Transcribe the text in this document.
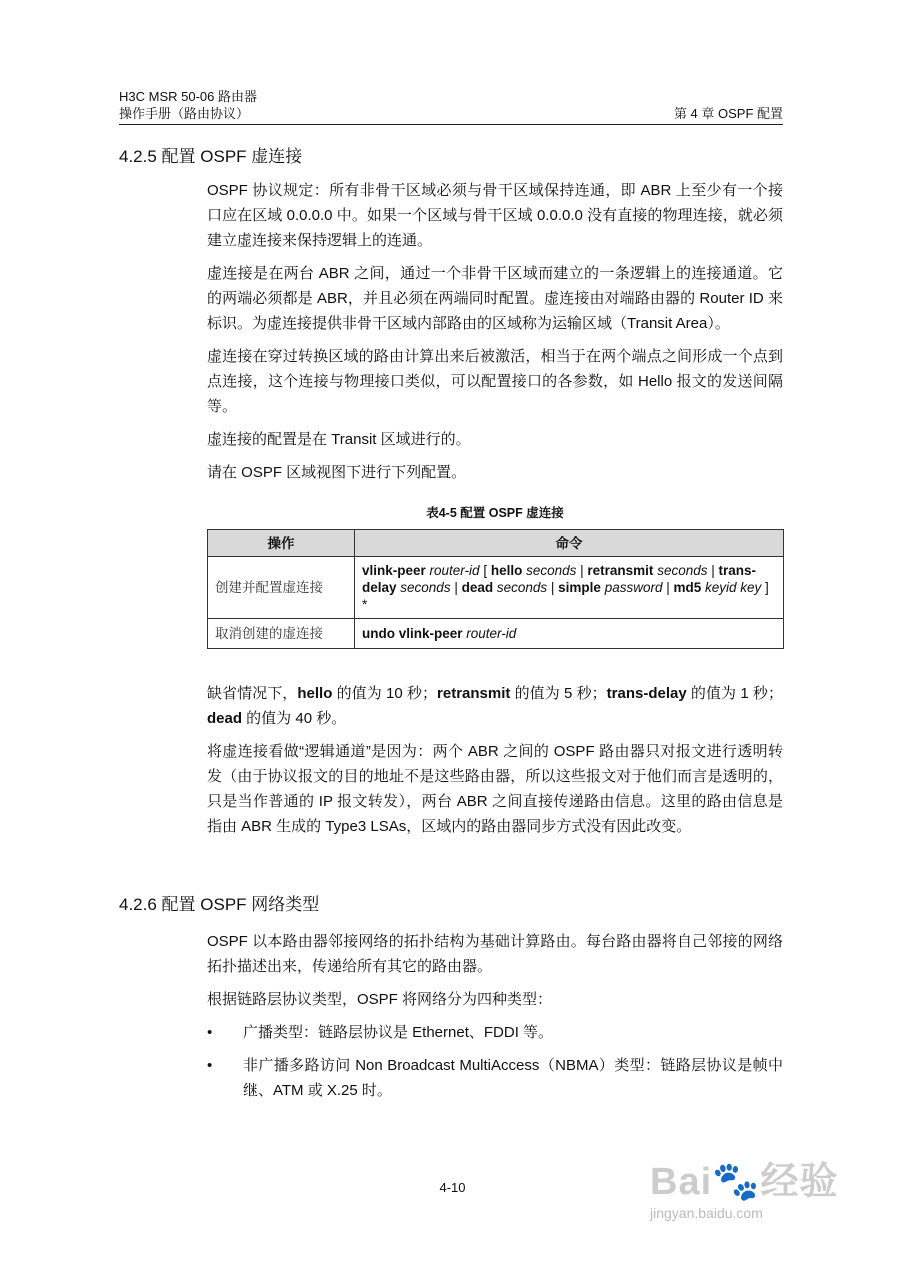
H3C MSR 50-06 路由器
操作手册（路由协议）	第 4 章 OSPF 配置
4.2.5 配置 OSPF 虚连接

OSPF 协议规定：所有非骨干区域必须与骨干区域保持连通，即 ABR 上至少有一个接口应在区域 0.0.0.0 中。如果一个区域与骨干区域 0.0.0.0 没有直接的物理连接，就必须建立虚连接来保持逻辑上的连通。

虚连接是在两台 ABR 之间，通过一个非骨干区域而建立的一条逻辑上的连接通道。它的两端必须都是 ABR，并且必须在两端同时配置。虚连接由对端路由器的 Router ID 来标识。为虚连接提供非骨干区域内部路由的区域称为运输区域（Transit Area）。

虚连接在穿过转换区域的路由计算出来后被激活，相当于在两个端点之间形成一个点到点连接，这个连接与物理接口类似，可以配置接口的各参数，如 Hello 报文的发送间隔等。

虚连接的配置是在 Transit 区域进行的。

请在 OSPF 区域视图下进行下列配置。

表4-5 配置 OSPF 虚连接
操作	命令
创建并配置虚连接	vlink-peer router-id [ hello seconds | retransmit seconds | trans-delay seconds | dead seconds | simple password | md5 keyid key ] *
取消创建的虚连接	undo vlink-peer router-id

缺省情况下，hello 的值为 10 秒；retransmit 的值为 5 秒；trans-delay 的值为 1 秒；dead 的值为 40 秒。

将虚连接看做“逻辑通道”是因为：两个 ABR 之间的 OSPF 路由器只对报文进行透明转发（由于协议报文的目的地址不是这些路由器，所以这些报文对于他们而言是透明的，只是当作普通的 IP 报文转发），两台 ABR 之间直接传递路由信息。这里的路由信息是指由 ABR 生成的 Type3 LSAs，区域内的路由器同步方式没有因此改变。

4.2.6 配置 OSPF 网络类型

OSPF 以本路由器邻接网络的拓扑结构为基础计算路由。每台路由器将自己邻接的网络拓扑描述出来，传递给所有其它的路由器。

根据链路层协议类型，OSPF 将网络分为四种类型：

• 广播类型：链路层协议是 Ethernet、FDDI 等。
• 非广播多路访问 Non Broadcast MultiAccess（NBMA）类型：链路层协议是帧中继、ATM 或 X.25 时。
4-10	Bai🐾经验
jingyan.baidu.com
